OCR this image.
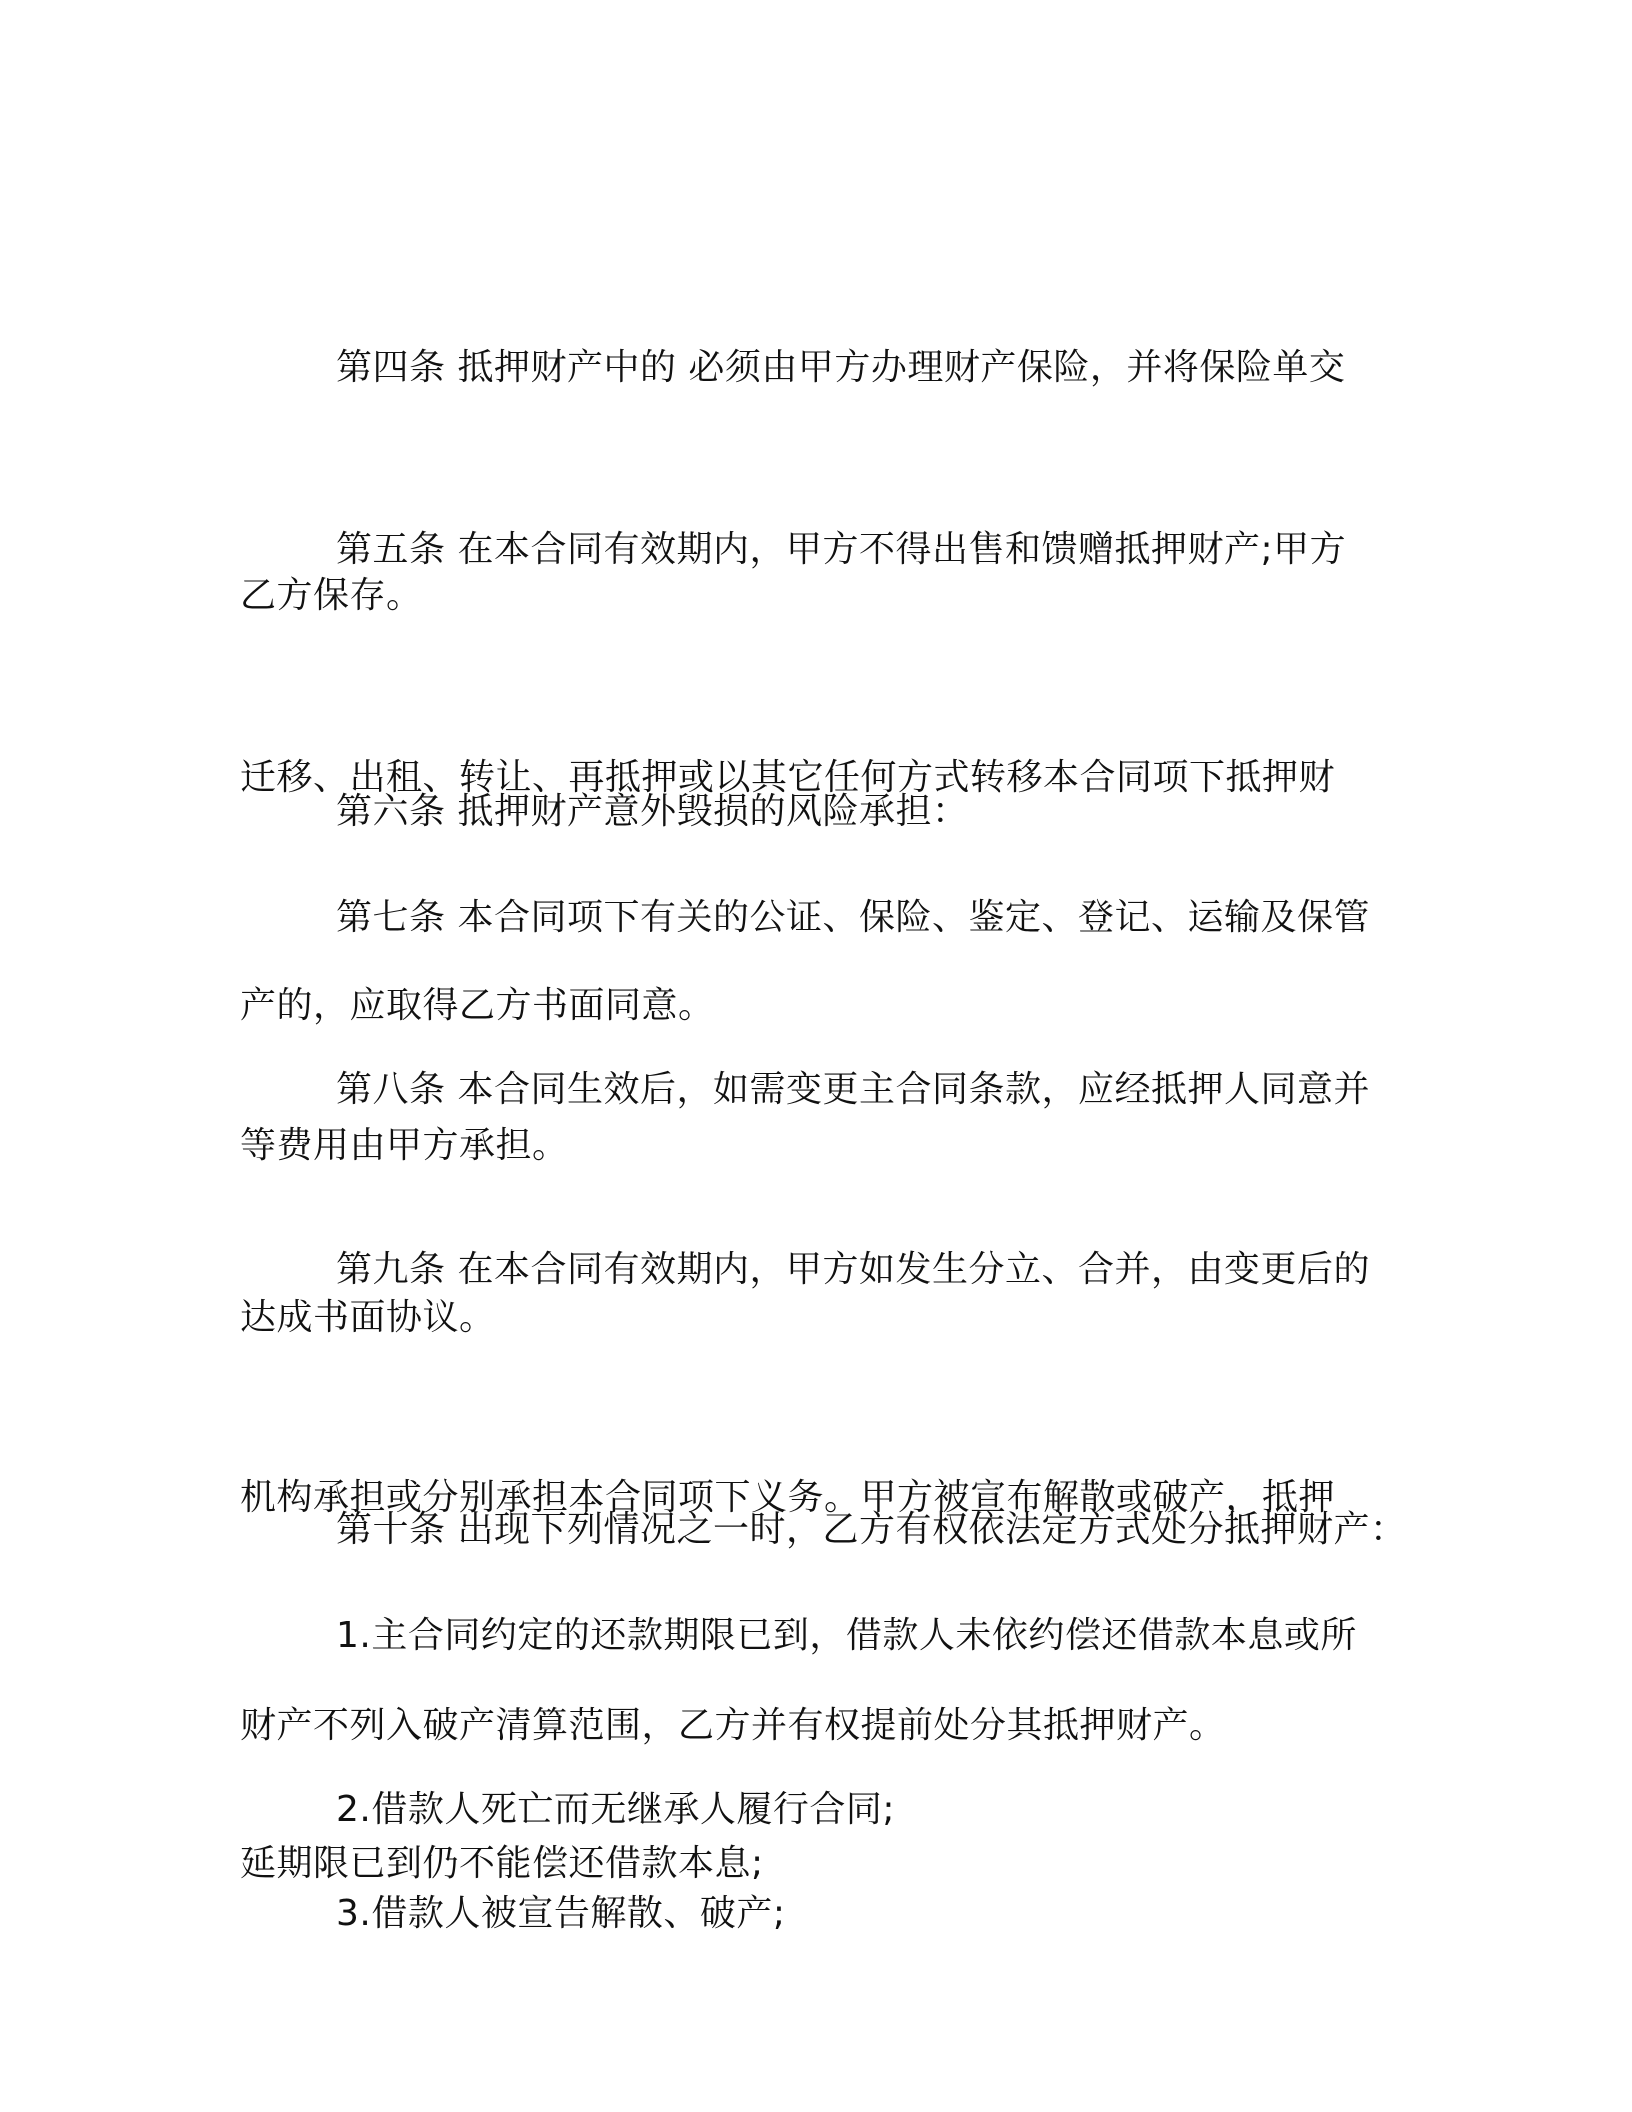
第四条 抵押财产中的 必须由甲方办理财产保险，并将保险单交

乙方保存。

第五条 在本合同有效期内，甲方不得出售和馈赠抵押财产;甲方

迁移、出租、转让、再抵押或以其它任何方式转移本合同项下抵押财

产的，应取得乙方书面同意。

第六条 抵押财产意外毁损的风险承担：

第七条 本合同项下有关的公证、保险、鉴定、登记、运输及保管

等费用由甲方承担。

第八条 本合同生效后，如需变更主合同条款，应经抵押人同意并

达成书面协议。

第九条 在本合同有效期内，甲方如发生分立、合并，由变更后的

机构承担或分别承担本合同项下义务。甲方被宣布解散或破产，抵押

财产不列入破产清算范围，乙方并有权提前处分其抵押财产。

第十条 出现下列情况之一时，乙方有权依法定方式处分抵押财产：

1.主合同约定的还款期限已到，借款人未依约偿还借款本息或所

延期限已到仍不能偿还借款本息;

2.借款人死亡而无继承人履行合同;

3.借款人被宣告解散、破产;
